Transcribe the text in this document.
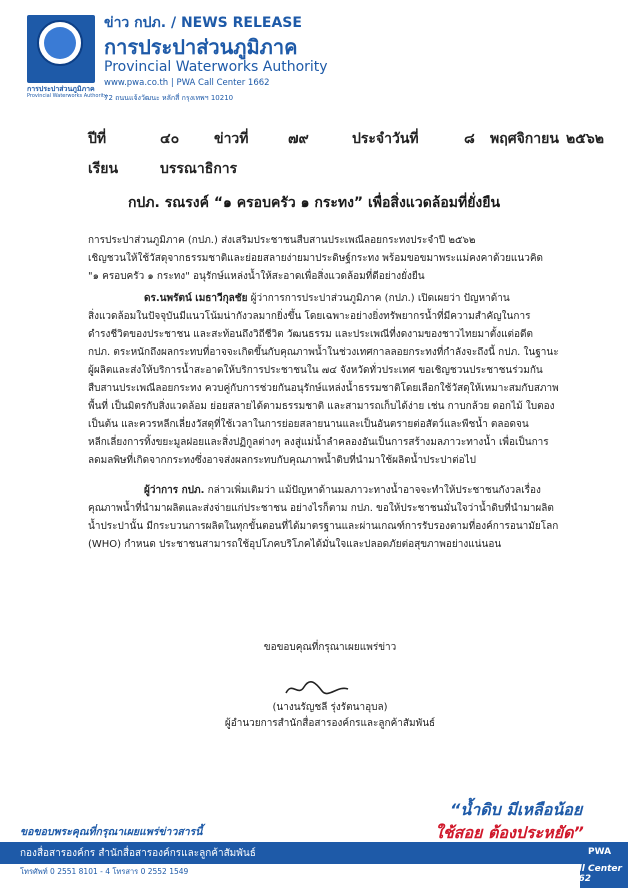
การประปาส่วนภูมิภาค
Provincial Waterworks Authority
ข่าว กปภ. / NEWS RELEASE
การประปาส่วนภูมิภาค
Provincial Waterworks Authority
www.pwa.co.th | PWA Call Center 1662
72 ถนนแจ้งวัฒนะ หลักสี่ กรุงเทพฯ 10210
ปีที่	๔๐ ข่าวที่	๗๙	ประจำวันที่	๘ พฤศจิกายน ๒๕๖๒
เรียน	บรรณาธิการ
กปภ. รณรงค์ “๑ ครอบครัว ๑ กระทง” เพื่อสิ่งแวดล้อมที่ยั่งยืน
การประปาส่วนภูมิภาค (กปภ.) ส่งเสริมประชาชนสืบสานประเพณีลอยกระทงประจำปี ๒๕๖๒
เชิญชวนให้ใช้วัสดุจากธรรมชาติและย่อยสลายง่ายมาประดิษฐ์กระทง พร้อมขอขมาพระแม่คงคาด้วยแนวคิด
"๑ ครอบครัว ๑ กระทง" อนุรักษ์แหล่งน้ำให้สะอาดเพื่อสิ่งแวดล้อมที่ดีอย่างยั่งยืน
ดร.นพรัตน์ เมธาวีกุลชัย ผู้ว่าการการประปาส่วนภูมิภาค (กปภ.) เปิดเผยว่า ปัญหาด้าน
สิ่งแวดล้อมในปัจจุบันมีแนวโน้มน่ากังวลมากยิ่งขึ้น โดยเฉพาะอย่างยิ่งทรัพยากรน้ำที่มีความสำคัญในการ
ดำรงชีวิตของประชาชน และสะท้อนถึงวิถีชีวิต วัฒนธรรม และประเพณีที่งดงามของชาวไทยมาตั้งแต่อดีต
กปภ. ตระหนักถึงผลกระทบที่อาจจะเกิดขึ้นกับคุณภาพน้ำในช่วงเทศกาลลอยกระทงที่กำลังจะถึงนี้ กปภ. ในฐานะ
ผู้ผลิตและส่งให้บริการน้ำสะอาดให้บริการประชาชนใน ๗๔ จังหวัดทั่วประเทศ ขอเชิญชวนประชาชนร่วมกัน
สืบสานประเพณีลอยกระทง ควบคู่กับการช่วยกันอนุรักษ์แหล่งน้ำธรรมชาติโดยเลือกใช้วัสดุให้เหมาะสมกับสภาพ
พื้นที่ เป็นมิตรกับสิ่งแวดล้อม ย่อยสลายได้ตามธรรมชาติ และสามารถเก็บได้ง่าย เช่น กาบกล้วย ดอกไม้ ใบตอง
เป็นต้น และควรหลีกเลี่ยงวัสดุที่ใช้เวลาในการย่อยสลายนานและเป็นอันตรายต่อสัตว์และพืชน้ำ ตลอดจน
หลีกเลี่ยงการทิ้งขยะมูลฝอยและสิ่งปฏิกูลต่างๆ ลงสู่แม่น้ำลำคลองอันเป็นการสร้างมลภาวะทางน้ำ เพื่อเป็นการ
ลดมลพิษที่เกิดจากกระทงซึ่งอาจส่งผลกระทบกับคุณภาพน้ำดิบที่นำมาใช้ผลิตน้ำประปาต่อไป
ผู้ว่าการ กปภ. กล่าวเพิ่มเติมว่า แม้ปัญหาด้านมลภาวะทางน้ำอาจจะทำให้ประชาชนกังวลเรื่อง
คุณภาพน้ำที่นำมาผลิตและส่งจ่ายแก่ประชาชน อย่างไรก็ตาม กปภ. ขอให้ประชาชนมั่นใจว่าน้ำดิบที่นำมาผลิต
น้ำประปานั้น มีกระบวนการผลิตในทุกขั้นตอนที่ได้มาตรฐานและผ่านเกณฑ์การรับรองตามที่องค์การอนามัยโลก
(WHO) กำหนด ประชาชนสามารถใช้อุปโภคบริโภคได้มั่นใจและปลอดภัยต่อสุขภาพอย่างแน่นอน
ขอขอบคุณที่กรุณาเผยแพร่ข่าว
(นางนรัญชลี รุ่งรัตนาอุบล)
ผู้อำนวยการสำนักสื่อสารองค์กรและลูกค้าสัมพันธ์
“น้ำดิบ มีเหลือน้อย
ใช้สอย ต้องประหยัด”
ขอขอบพระคุณที่กรุณาเผยแพร่ข่าวสารนี้
กองสื่อสารองค์กร สำนักสื่อสารองค์กรและลูกค้าสัมพันธ์
โทรศัพท์ 0 2551 8101 - 4 โทรสาร 0 2552 1549
PWA
Call Center 1662
